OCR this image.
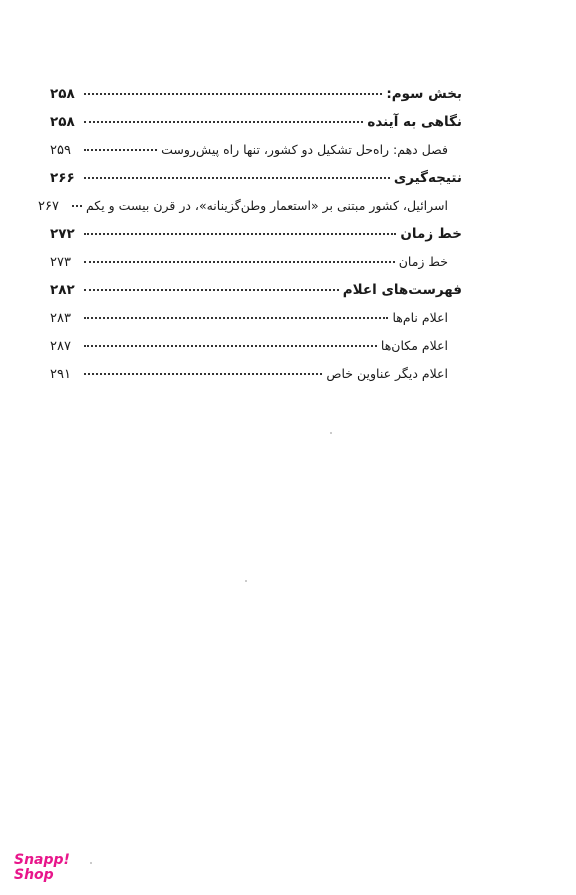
بخش سوم:
۲۵۸
نگاهی به آینده
۲۵۸
فصل دهم: راه‌حل تشکیل دو کشور، تنها راه پیش‌روست
۲۵۹
نتیجه‌گیری
۲۶۶
اسرائیل، کشور مبتنی بر «استعمار وطن‌گزینانه»، در قرن بیست و یکم
۲۶۷
خط زمان
۲۷۲
خط زمان
۲۷۳
فهرست‌های اعلام
۲۸۲
اعلام نام‌ها
۲۸۳
اعلام مکان‌ها
۲۸۷
اعلام دیگر عناوین خاص
۲۹۱
Snapp!
Shop
